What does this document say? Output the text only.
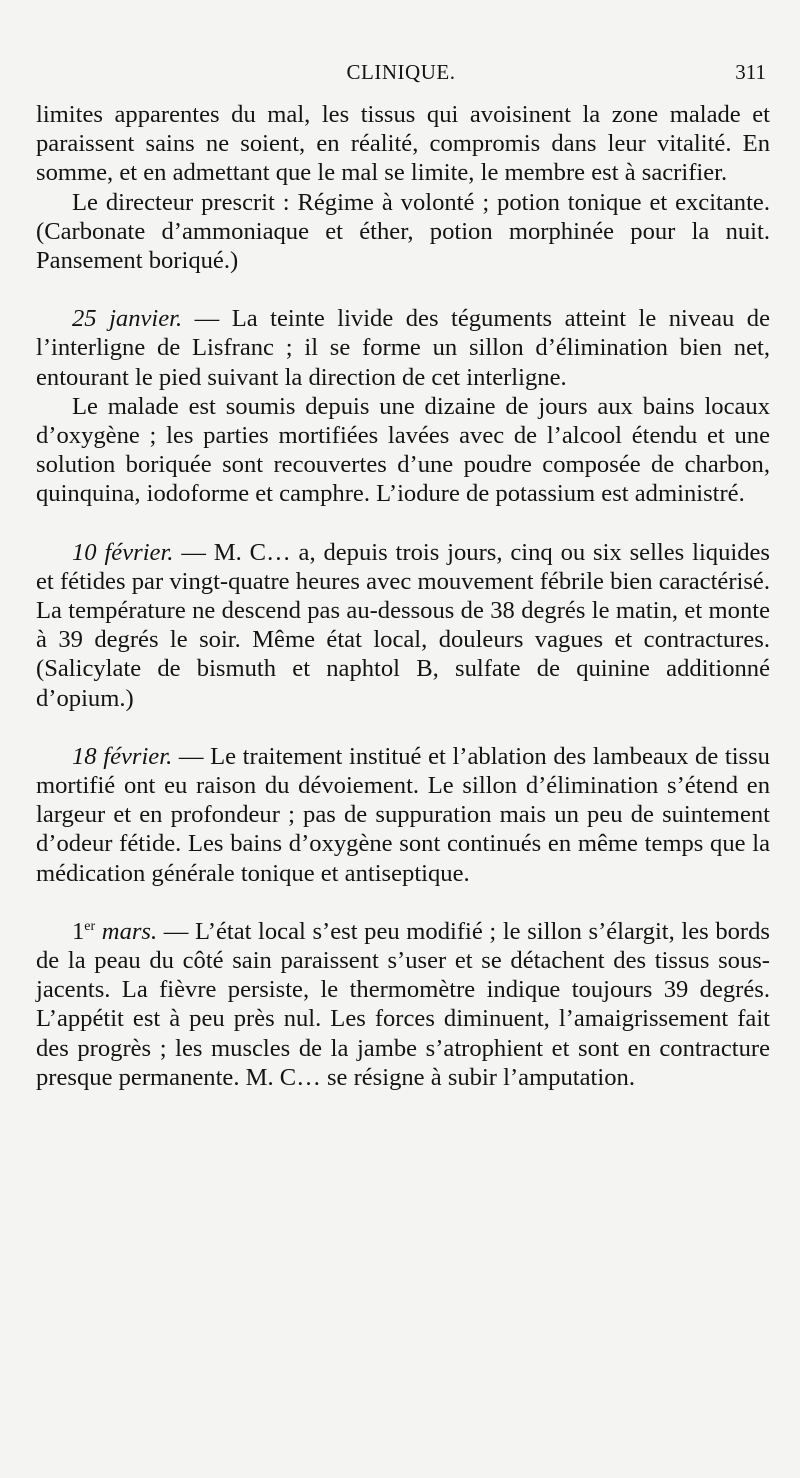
CLINIQUE.	311

limites apparentes du mal, les tissus qui avoisinent la zone malade et paraissent sains ne soient, en réalité, compromis dans leur vitalité. En somme, et en admettant que le mal se limite, le membre est à sacrifier.

Le directeur prescrit : Régime à volonté ; potion tonique et excitante. (Carbonate d’ammoniaque et éther, potion morphinée pour la nuit. Pansement boriqué.)

25 janvier. — La teinte livide des téguments atteint le niveau de l’interligne de Lisfranc ; il se forme un sillon d’élimination bien net, entourant le pied suivant la direction de cet interligne.

Le malade est soumis depuis une dizaine de jours aux bains locaux d’oxygène ; les parties mortifiées lavées avec de l’alcool étendu et une solution boriquée sont recouvertes d’une poudre composée de charbon, quinquina, iodoforme et camphre. L’iodure de potassium est administré.

10 février. — M. C… a, depuis trois jours, cinq ou six selles liquides et fétides par vingt-quatre heures avec mouvement fébrile bien caractérisé. La température ne descend pas au-dessous de 38 degrés le matin, et monte à 39 degrés le soir. Même état local, douleurs vagues et contractures. (Salicylate de bismuth et naphtol B, sulfate de quinine additionné d’opium.)

18 février. — Le traitement institué et l’ablation des lambeaux de tissu mortifié ont eu raison du dévoiement. Le sillon d’élimination s’étend en largeur et en profondeur ; pas de suppuration mais un peu de suintement d’odeur fétide. Les bains d’oxygène sont continués en même temps que la médication générale tonique et antiseptique.

1er mars. — L’état local s’est peu modifié ; le sillon s’élargit, les bords de la peau du côté sain paraissent s’user et se détachent des tissus sous-jacents. La fièvre persiste, le thermomètre indique toujours 39 degrés. L’appétit est à peu près nul. Les forces diminuent, l’amaigrissement fait des progrès ; les muscles de la jambe s’atrophient et sont en contracture presque permanente. M. C… se résigne à subir l’amputation.
